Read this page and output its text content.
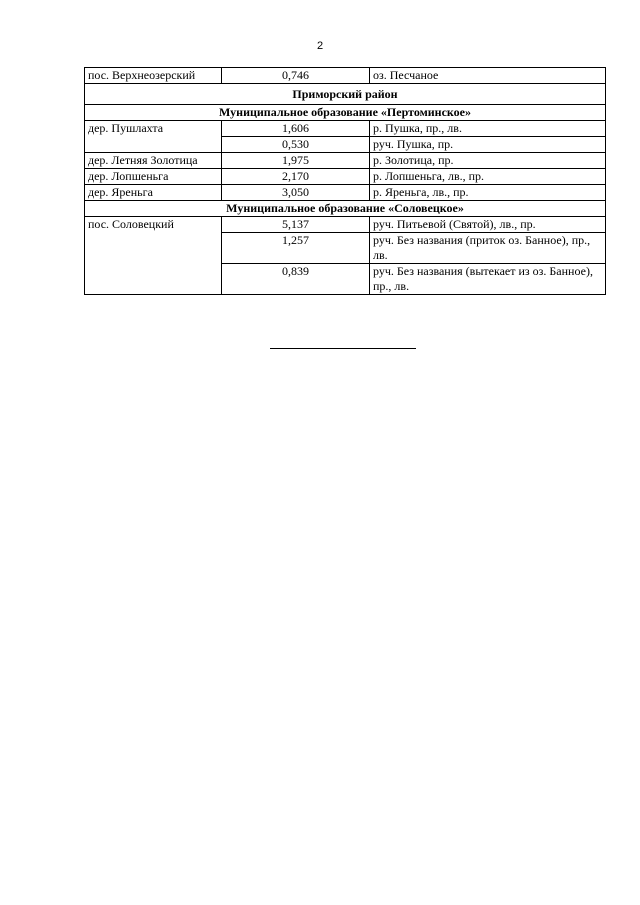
2
пос. Верхнеозерский	0,746	оз. Песчаное
Приморский район		
Муниципальное образование «Пертоминское»		
дер. Пушлахта	1,606	р. Пушка, пр., лв.
	0,530	руч. Пушка, пр.
дер. Летняя Золотица	1,975	р. Золотица, пр.
дер. Лопшеньга	2,170	р. Лопшеньга, лв., пр.
дер. Яреньга	3,050	р. Яреньга, лв., пр.
Муниципальное образование «Соловецкое»		
пос. Соловецкий	5,137	руч. Питьевой (Святой), лв., пр.
	1,257	руч. Без названия (приток оз. Банное), пр., лв.
	0,839	руч. Без названия (вытекает из оз. Банное), пр., лв.
